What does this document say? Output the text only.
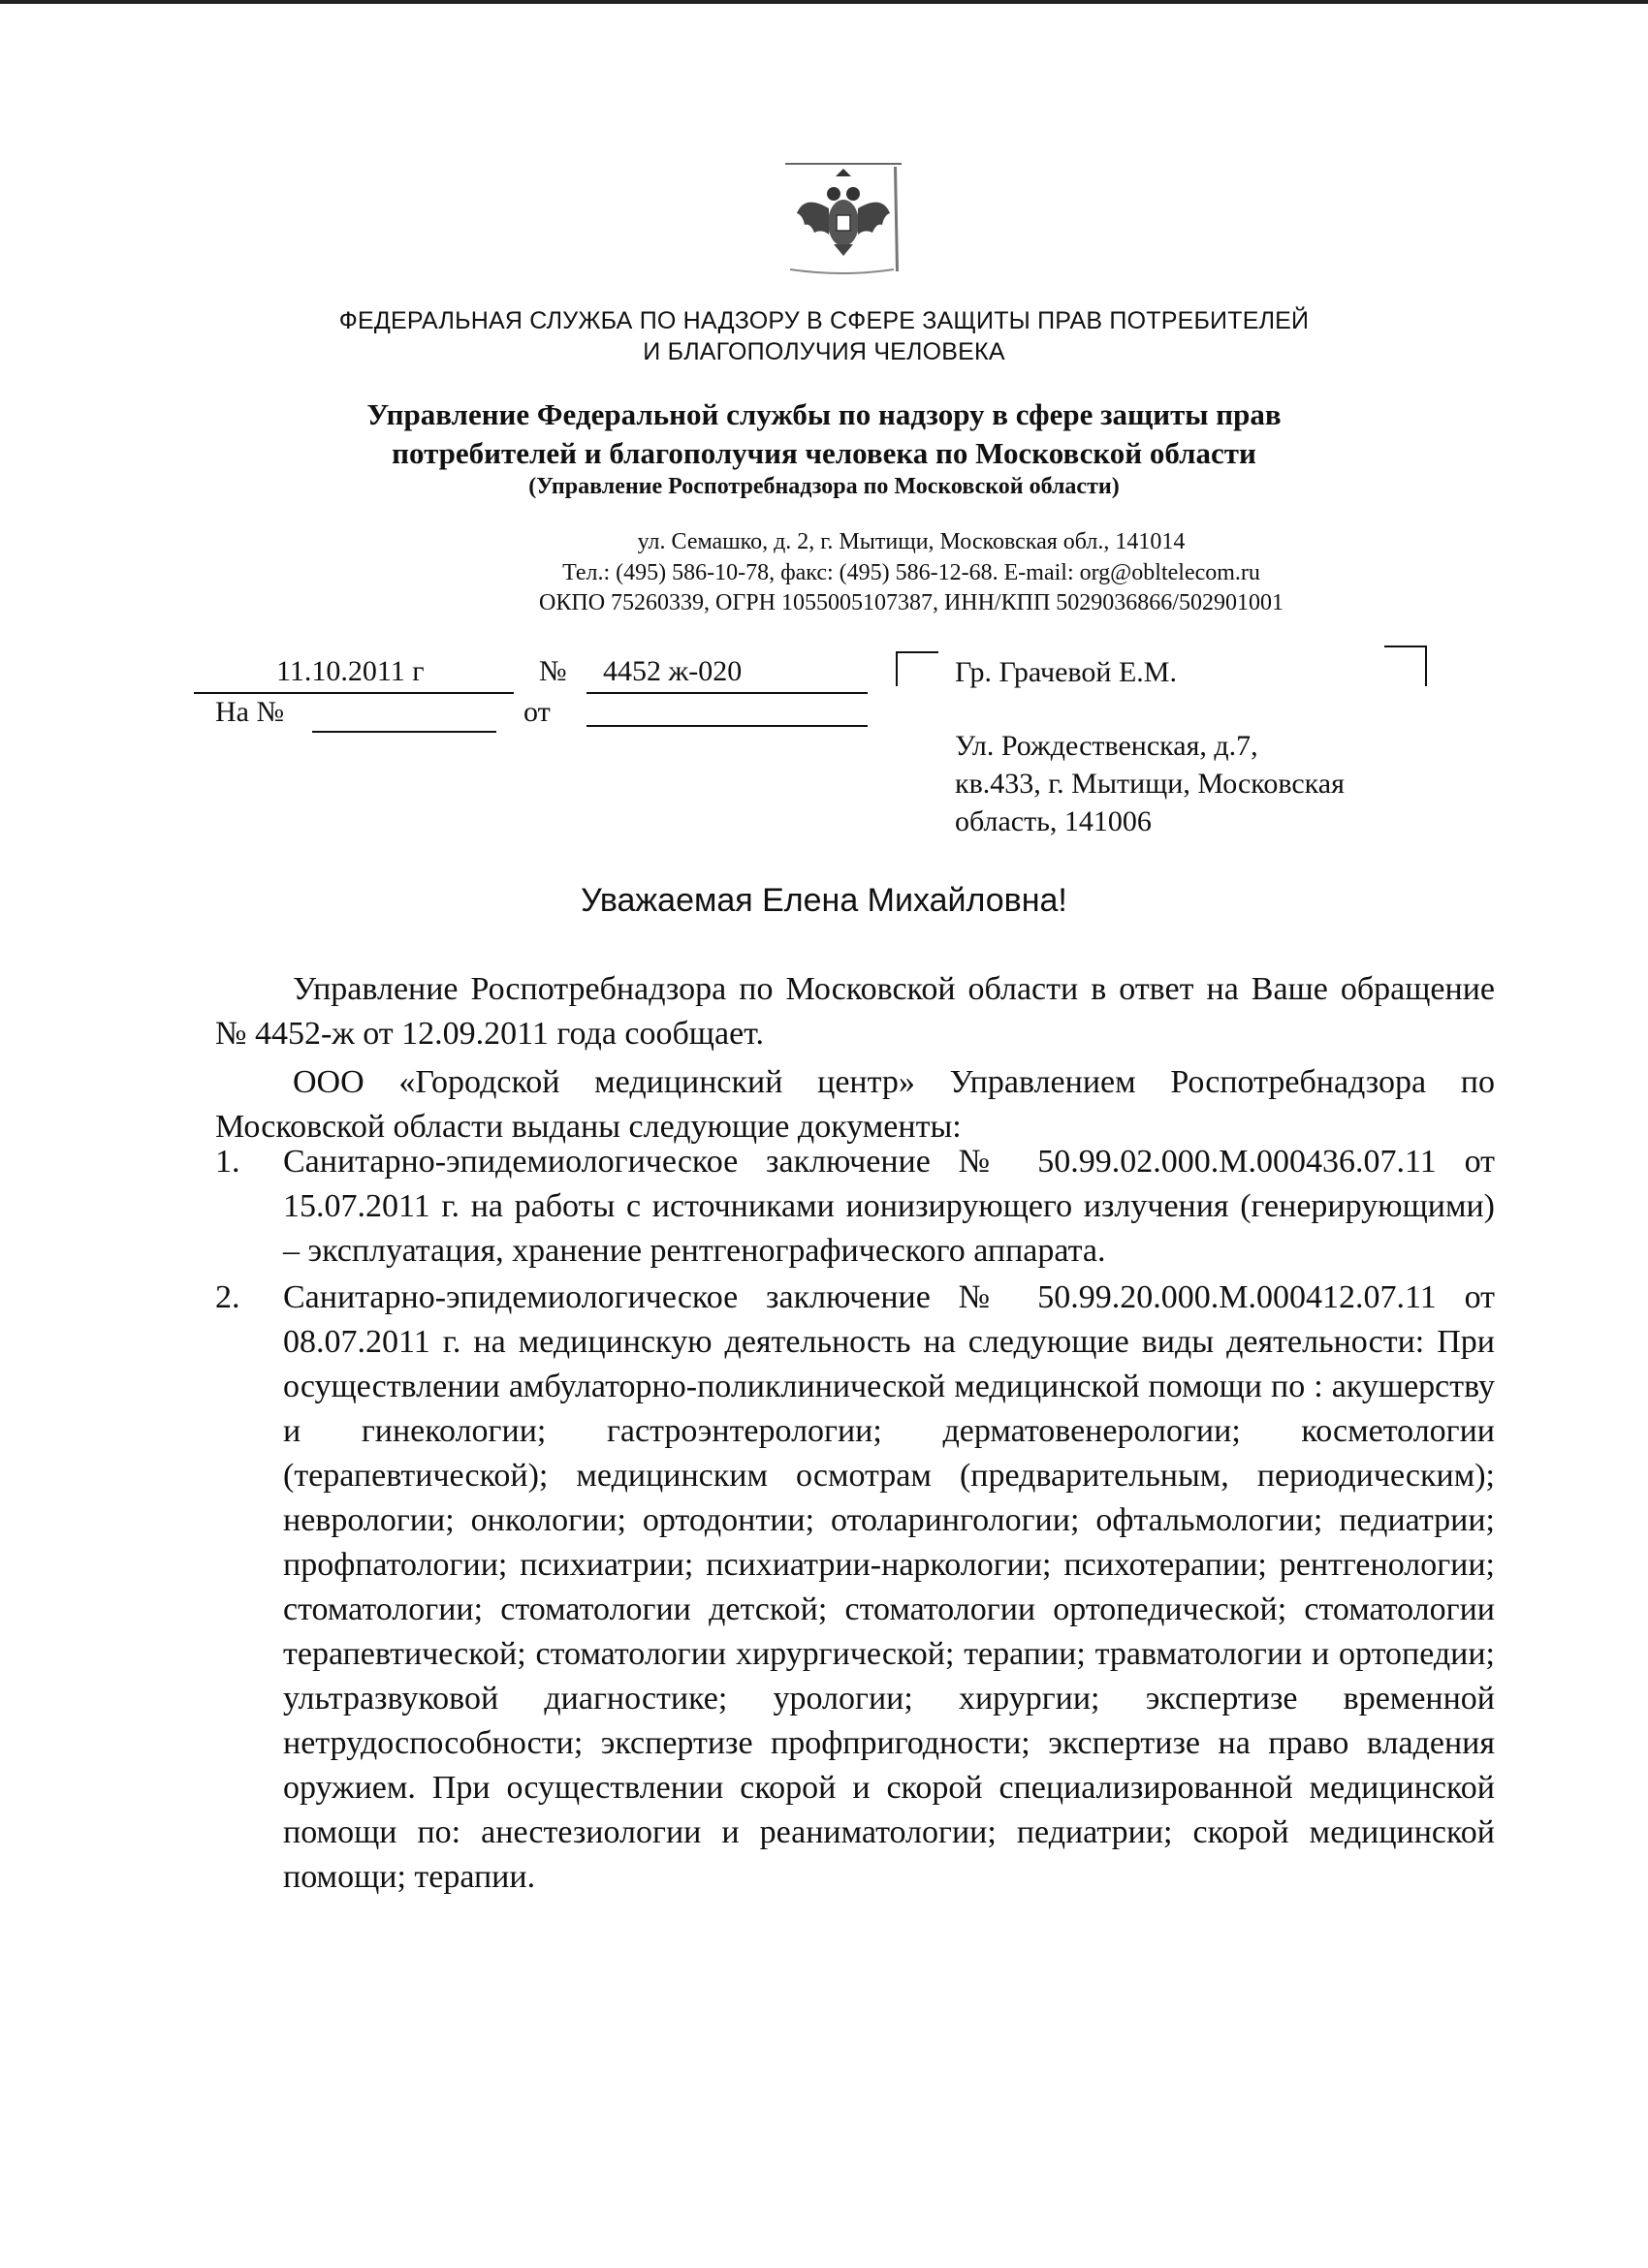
ФЕДЕРАЛЬНАЯ СЛУЖБА ПО НАДЗОРУ В СФЕРЕ ЗАЩИТЫ ПРАВ ПОТРЕБИТЕЛЕЙ
И БЛАГОПОЛУЧИЯ ЧЕЛОВЕКА
Управление Федеральной службы по надзору в сфере защиты прав
потребителей и благополучия человека по Московской области
(Управление Роспотребнадзора по Московской области)
ул. Семашко, д. 2, г. Мытищи, Московская обл., 141014
Тел.: (495) 586-10-78, факс: (495) 586-12-68. E-mail: org@obltelecom.ru
ОКПО 75260339, ОГРН 1055005107387, ИНН/КПП 5029036866/502901001
11.10.2011 г	№ 4452 ж-020
На №	от
Гр. Грачевой Е.М.
Ул. Рождественская, д.7,
кв.433, г. Мытищи, Московская
область, 141006
Уважаемая Елена Михайловна!

Управление Роспотребнадзора по Московской области в ответ на Ваше обращение № 4452-ж от 12.09.2011 года сообщает.

ООО «Городской медицинский центр» Управлением Роспотребнадзора по Московской области выданы следующие документы:

1. Санитарно-эпидемиологическое заключение № 50.99.02.000.М.000436.07.11 от 15.07.2011 г. на работы с источниками ионизирующего излучения (генерирующими) – эксплуатация, хранение рентгенографического аппарата.
2. Санитарно-эпидемиологическое заключение № 50.99.20.000.М.000412.07.11 от 08.07.2011 г. на медицинскую деятельность на следующие виды деятельности: При осуществлении амбулаторно-поликлинической медицинской помощи по : акушерству и гинекологии; гастроэнтерологии; дерматовенерологии; косметологии (терапевтической); медицинским осмотрам (предварительным, периодическим); неврологии; онкологии; ортодонтии; отоларингологии; офтальмологии; педиатрии; профпатологии; психиатрии; психиатрии-наркологии; психотерапии; рентгенологии; стоматологии; стоматологии детской; стоматологии ортопедической; стоматологии терапевтической; стоматологии хирургической; терапии; травматологии и ортопедии; ультразвуковой диагностике; урологии; хирургии; экспертизе временной нетрудоспособности; экспертизе профпригодности; экспертизе на право владения оружием. При осуществлении скорой и скорой специализированной медицинской помощи по: анестезиологии и реаниматологии; педиатрии; скорой медицинской помощи; терапии.
